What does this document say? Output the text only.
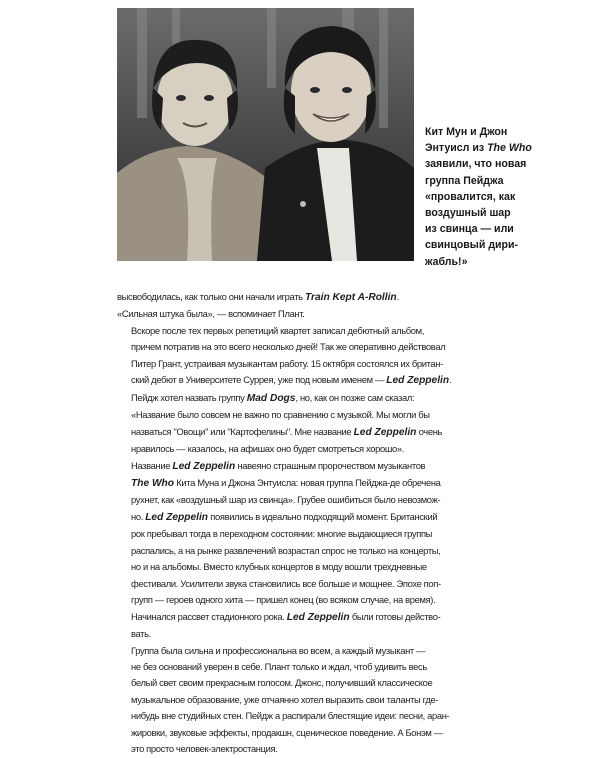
Кит Мун и Джон
Энтуисл из The Who
заявили, что новая
группа Пейджа
«провалится, как
воздушный шар
из свинца — или
свинцовый дири-
жабль!»

высвободилась, как только они начали играть Train Kept A-Rollin.
«Сильная штука была», — вспоминает Плант.

Вскоре после тех первых репетиций квартет записал дебютный альбом,
причем потратив на это всего несколько дней! Так же оперативно действовал
Питер Грант, устраивая музыкантам работу. 15 октября состоялся их британ-
ский дебют в Университете Суррея, уже под новым именем — Led Zeppelin.
Пейдж хотел назвать группу Mad Dogs, но, как он позже сам сказал:
«Название было совсем не важно по сравнению с музыкой. Мы могли бы
назваться "Овощи" или "Картофелины". Мне название Led Zeppelin очень
нравилось — казалось, на афишах оно будет смотреться хорошо».

Название Led Zeppelin навеяно страшным пророчеством музыкантов
The Who Кита Муна и Джона Энтуисла: новая группа Пейджа-де обречена
рухнет, как «воздушный шар из свинца». Грубее ошибиться было невозмож-
но. Led Zeppelin появились в идеально подходящий момент. Британский
рок пребывал тогда в переходном состоянии: многие выдающиеся группы
распались, а на рынке развлечений возрастал спрос не только на концерты,
но и на альбомы. Вместо клубных концертов в моду вошли трехдневные
фестивали. Усилители звука становились все больше и мощнее. Эпохе поп-
групп — героев одного хита — пришел конец (во всяком случае, на время).
Начинался рассвет стадионного рока. Led Zeppelin были готовы действо-
вать.

Группа была сильна и профессиональна во всем, а каждый музыкант —
не без оснований уверен в себе. Плант только и ждал, чтоб удивить весь
белый свет своим прекрасным голосом. Джонс, получивший классическое
музыкальное образование, уже отчаянно хотел выразить свои таланты где-
нибудь вне студийных стен. Пейдж а распирали блестящие идеи: песни, аран-
жировки, звуковые эффекты, продакшн, сценическое поведение. А Бонэм —
это просто человек-электростанция.
